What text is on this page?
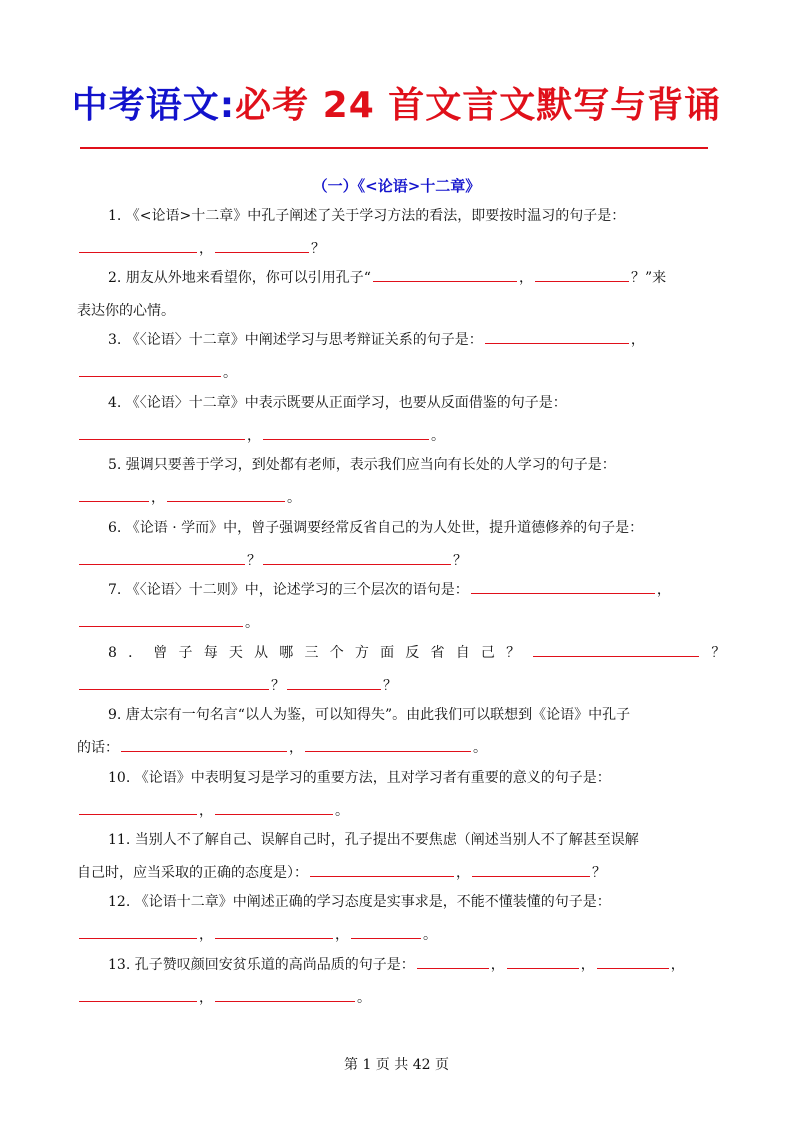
中考语文:必考 24 首文言文默写与背诵
（一）《<论语>十二章》

1. 《<论语>十二章》中孔子阐述了关于学习方法的看法，即要按时温习的句子是：

，	？

2. 朋友从外地来看望你，你可以引用孔子“	，	？”来

表达你的心情。

3. 《〈论语〉十二章》中阐述学习与思考辩证关系的句子是：	，

。

4. 《〈论语〉十二章》中表示既要从正面学习，也要从反面借鉴的句子是：

，	。

5. 强调只要善于学习，到处都有老师，表示我们应当向有长处的人学习的句子是：

，	。

6. 《论语 · 学而》中，曾子强调要经常反省自己的为人处世，提升道德修养的句子是：

？	？

7. 《〈论语〉十二则》中，论述学习的三个层次的语句是：	，

。

8．曾子每天从哪三个方面反省自己？	？

？	？

9. 唐太宗有一句名言“以人为鉴，可以知得失”。由此我们可以联想到《论语》中孔子

的话：	，	。

10. 《论语》中表明复习是学习的重要方法，且对学习者有重要的意义的句子是：

，	。

11. 当别人不了解自己、误解自己时，孔子提出不要焦虑（阐述当别人不了解甚至误解

自己时，应当采取的正确的态度是）：	，	？

12. 《论语十二章》中阐述正确的学习态度是实事求是，不能不懂装懂的句子是：

，	，	。

13. 孔子赞叹颜回安贫乐道的高尚品质的句子是：	，	，	，

，	。

第 1 页 共 42 页
